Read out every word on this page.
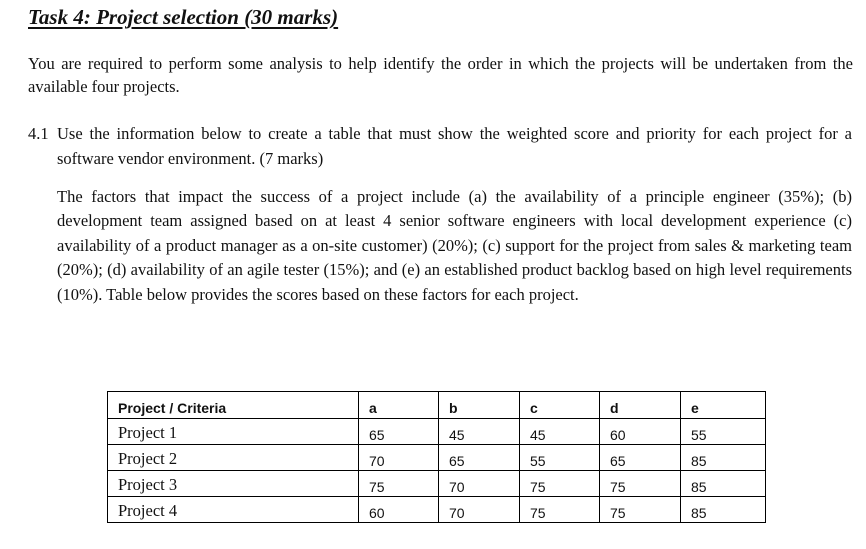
Task 4: Project selection (30 marks)

You are required to perform some analysis to help identify the order in which the projects will be undertaken from the available four projects.

4.1 Use the information below to create a table that must show the weighted score and priority for each project for a software vendor environment. (7 marks)

The factors that impact the success of a project include (a) the availability of a principle engineer (35%); (b) development team assigned based on at least 4 senior software engineers with local development experience (c) availability of a product manager as a on-site customer) (20%); (c) support for the project from sales & marketing team (20%); (d) availability of an agile tester (15%); and (e) an established product backlog based on high level requirements (10%). Table below provides the scores based on these factors for each project.

Project / Criteria	a	b	c	d	e
Project 1	65	45	45	60	55
Project 2	70	65	55	65	85
Project 3	75	70	75	75	85
Project 4	60	70	75	75	85
